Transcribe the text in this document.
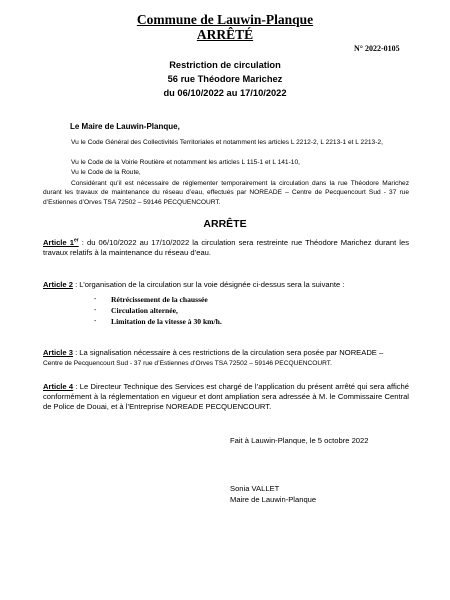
Commune de Lauwin-Planque
ARRÊTÉ
N° 2022-0105
Restriction de circulation
56 rue Théodore Marichez
du 06/10/2022 au 17/10/2022
Le Maire de Lauwin-Planque,
Vu le Code Général des Collectivités Territoriales et notamment les articles L 2212-2, L 2213-1 et L 2213-2,
Vu le Code de la Voirie Routière et notamment les articles L 115-1 et L 141-10,
Vu le Code de la Route,
Considérant qu’il est nécessaire de réglementer temporairement la circulation dans la rue Théodore Marichez durant les travaux de maintenance du réseau d’eau, effectués par NOREADE – Centre de Pecquencourt Sud - 37 rue d’Estiennes d’Orves TSA 72502 – 59146 PECQUENCOURT.
ARRÊTE
Article 1er : du 06/10/2022 au 17/10/2022 la circulation sera restreinte rue Théodore Marichez durant les travaux relatifs à la maintenance du réseau d’eau.
Article 2 : L’organisation de la circulation sur la voie désignée ci-dessus sera la suivante :
- Rétrécissement de la chaussée
- Circulation alternée,
- Limitation de la vitesse à 30 km/h.
Article 3 : La signalisation nécessaire à ces restrictions de la circulation sera posée par NOREADE –
Centre de Pecquencourt Sud - 37 rue d’Estiennes d’Orves TSA 72502 – 59146 PECQUENCOURT.
Article 4 : Le Directeur Technique des Services est chargé de l’application du présent arrêté qui sera affiché conformément à la réglementation en vigueur et dont ampliation sera adressée à M. le Commissaire Central de Police de Douai, et à l’Entreprise NOREADE PECQUENCOURT.
Fait à Lauwin-Planque, le 5 octobre 2022
Sonia VALLET
Maire de Lauwin-Planque
